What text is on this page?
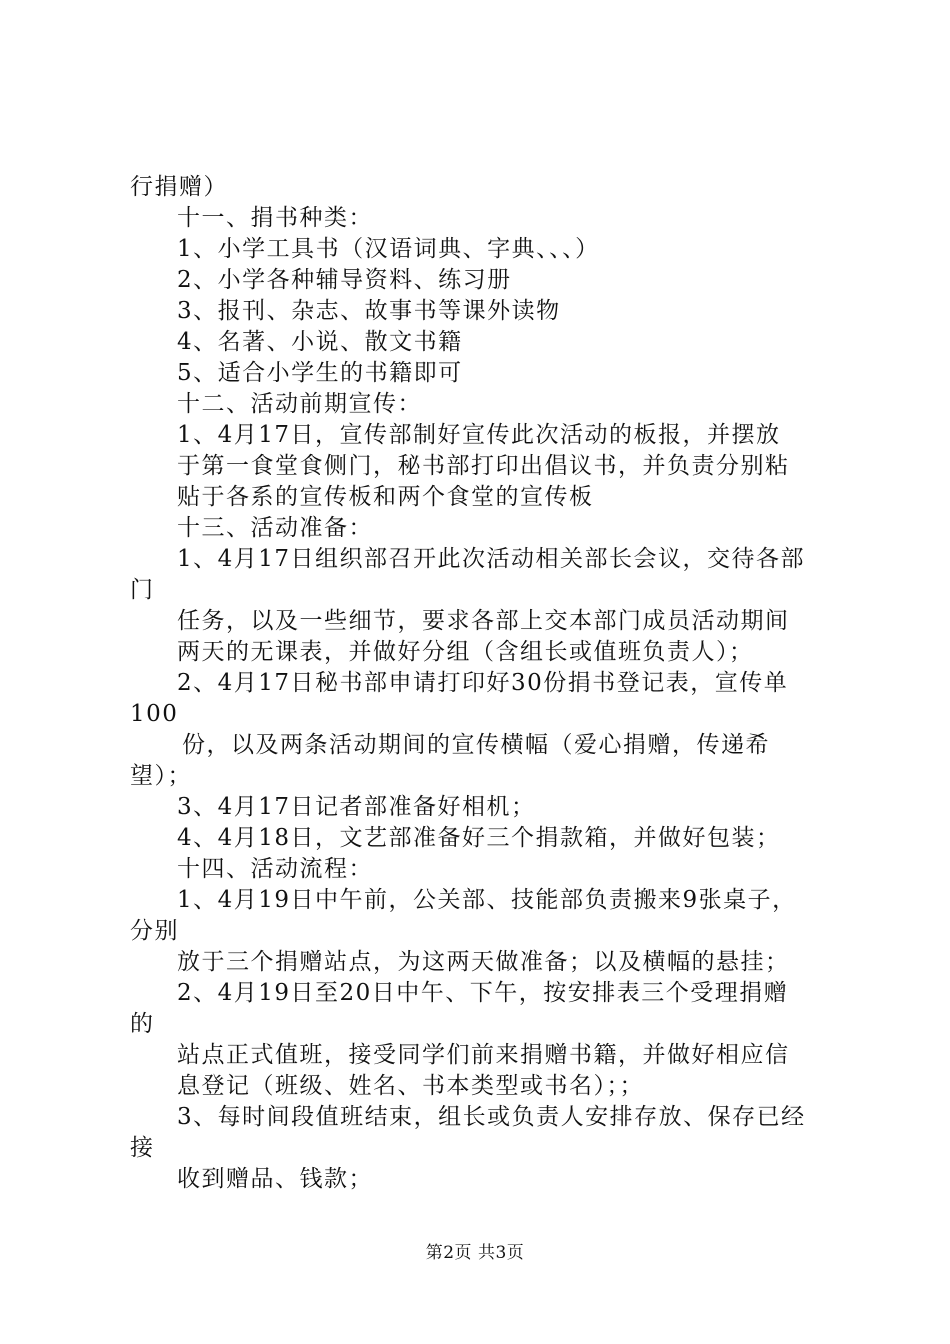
行捐赠）
十一、捐书种类：
1、小学工具书（汉语词典、字典、、、）
2、小学各种辅导资料、练习册
3、报刊、杂志、故事书等课外读物
4、名著、小说、散文书籍
5、适合小学生的书籍即可
十二、活动前期宣传：
1、4月17日，宣传部制好宣传此次活动的板报，并摆放
于第一食堂食侧门，秘书部打印出倡议书，并负责分别粘
贴于各系的宣传板和两个食堂的宣传板
十三、活动准备：
1、4月17日组织部召开此次活动相关部长会议，交待各部
门
任务，以及一些细节，要求各部上交本部门成员活动期间
两天的无课表，并做好分组（含组长或值班负责人）；
2、4月17日秘书部申请打印好30份捐书登记表，宣传单
100
份，以及两条活动期间的宣传横幅（爱心捐赠，传递希
望）；
3、4月17日记者部准备好相机；
4、4月18日，文艺部准备好三个捐款箱，并做好包装；
十四、活动流程：
1、4月19日中午前，公关部、技能部负责搬来9张桌子，
分别
放于三个捐赠站点，为这两天做准备；以及横幅的悬挂；
2、4月19日至20日中午、下午，按安排表三个受理捐赠
的
站点正式值班，接受同学们前来捐赠书籍，并做好相应信
息登记（班级、姓名、书本类型或书名）；；
3、每时间段值班结束，组长或负责人安排存放、保存已经
接
收到赠品、钱款；
第2页 共3页
